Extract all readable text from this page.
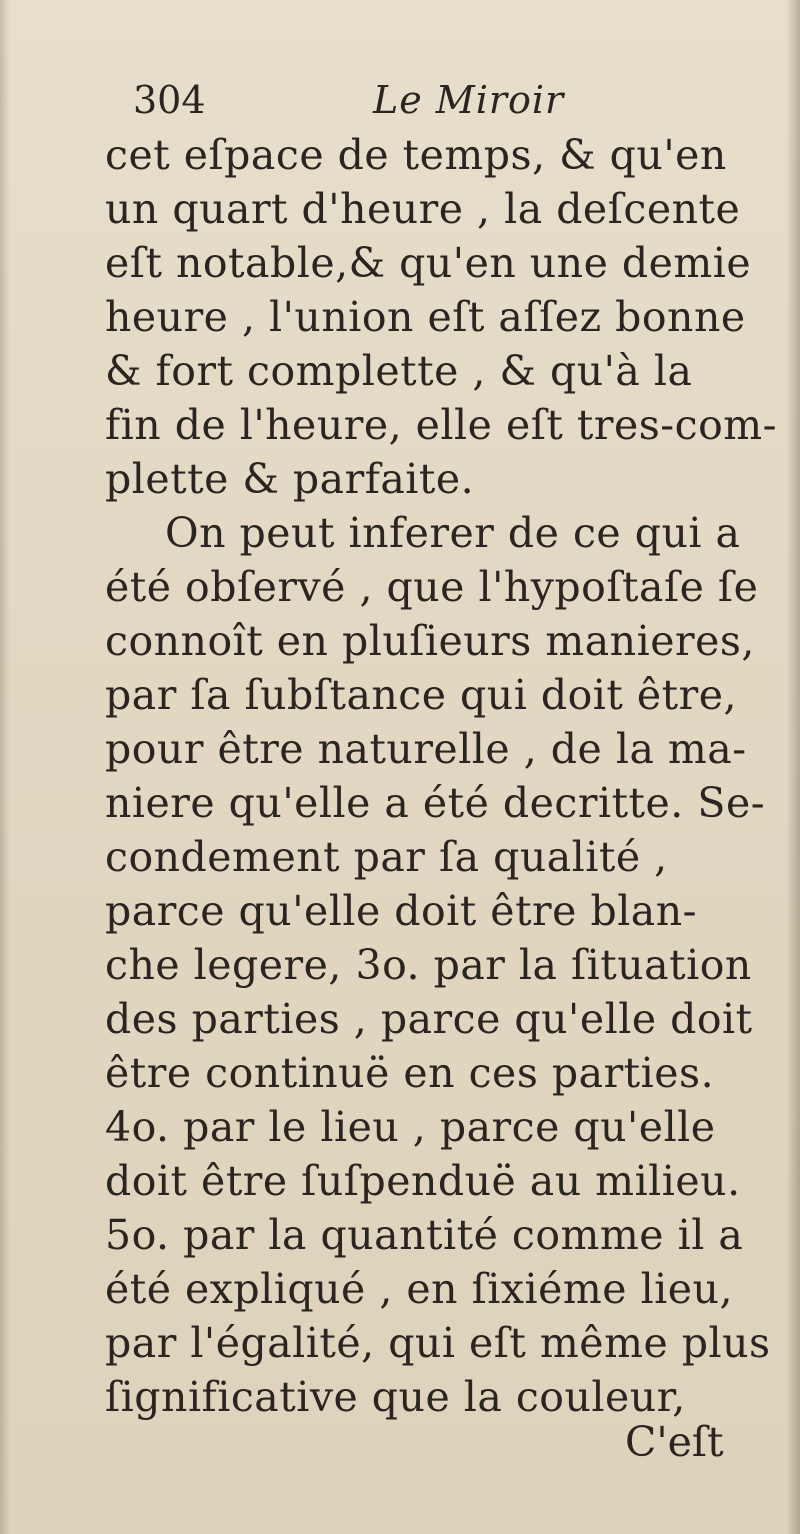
304	Le Miroir
cet eſpace de temps, & qu'en
un quart d'heure , la deſcente
eſt notable,& qu'en une demie
heure , l'union eſt aſſez bonne
& fort complette , & qu'à la
fin de l'heure, elle eſt tres-com-
plette & parfaite.
On peut inferer de ce qui a
été obſervé , que l'hypoſtaſe ſe
connoît en pluſieurs manieres,
par ſa ſubſtance qui doit être,
pour être naturelle , de la ma-
niere qu'elle a été decritte. Se-
condement par ſa qualité ,
parce qu'elle doit être blan-
che legere, 3o. par la ſituation
des parties , parce qu'elle doit
être continuë en ces parties.
4o. par le lieu , parce qu'elle
doit être ſuſpenduë au milieu.
5o. par la quantité comme il a
été expliqué , en ſixiéme lieu,
par l'égalité, qui eſt même plus
ſignificative que la couleur,
C'eſt
